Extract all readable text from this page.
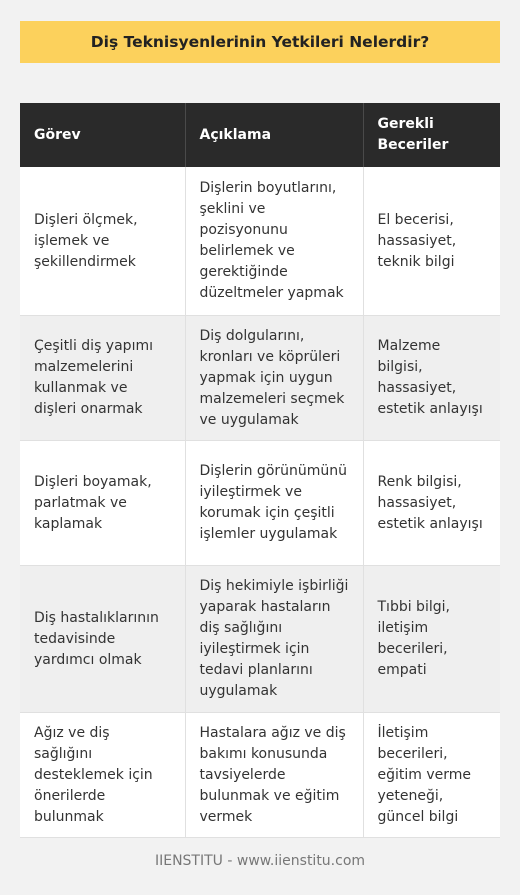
Diş Teknisyenlerinin Yetkileri Nelerdir?
Görev	Açıklama	Gerekli Beceriler
Dişleri ölçmek, işlemek ve şekillendirmek	Dişlerin boyutlarını, şeklini ve pozisyonunu belirlemek ve gerektiğinde düzeltmeler yapmak	El becerisi, hassasiyet, teknik bilgi
Çeşitli diş yapımı malzemelerini kullanmak ve dişleri onarmak	Diş dolgularını, kronları ve köprüleri yapmak için uygun malzemeleri seçmek ve uygulamak	Malzeme bilgisi, hassasiyet, estetik anlayışı
Dişleri boyamak, parlatmak ve kaplamak	Dişlerin görünümünü iyileştirmek ve korumak için çeşitli işlemler uygulamak	Renk bilgisi, hassasiyet, estetik anlayışı
Diş hastalıklarının tedavisinde yardımcı olmak	Diş hekimiyle işbirliği yaparak hastaların diş sağlığını iyileştirmek için tedavi planlarını uygulamak	Tıbbi bilgi, iletişim becerileri, empati
Ağız ve diş sağlığını desteklemek için önerilerde bulunmak	Hastalara ağız ve diş bakımı konusunda tavsiyelerde bulunmak ve eğitim vermek	İletişim becerileri, eğitim verme yeteneği, güncel bilgi
IIENSTITU - www.iienstitu.com
